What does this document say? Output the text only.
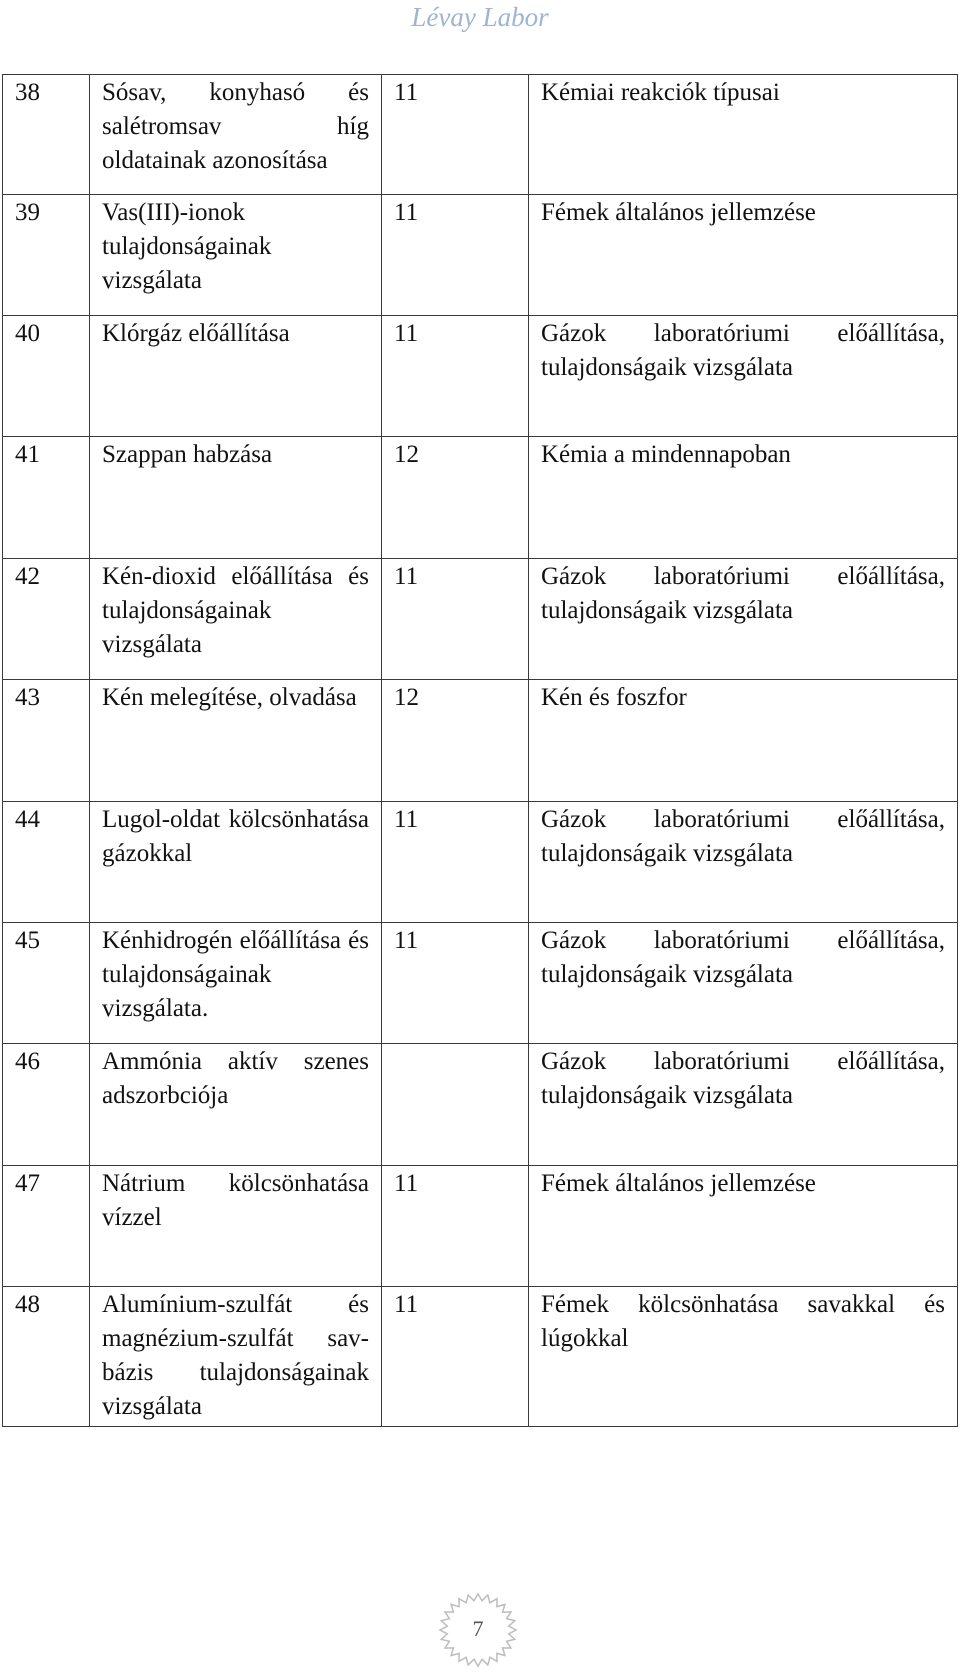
Lévay Labor
38	Sósav, konyhasó és salétromsav híg oldatainak azonosítása	11	Kémiai reakciók típusai
39	Vas(III)-ionok tulajdonságainak vizsgálata	11	Fémek általános jellemzése
40	Klórgáz előállítása	11	Gázok laboratóriumi előállítása, tulajdonságaik vizsgálata
41	Szappan habzása	12	Kémia a mindennapoban
42	Kén-dioxid előállítása és tulajdonságainak vizsgálata	11	Gázok laboratóriumi előállítása, tulajdonságaik vizsgálata
43	Kén melegítése, olvadása	12	Kén és foszfor
44	Lugol-oldat kölcsönhatása gázokkal	11	Gázok laboratóriumi előállítása, tulajdonságaik vizsgálata
45	Kénhidrogén előállítása és tulajdonságainak vizsgálata.	11	Gázok laboratóriumi előállítása, tulajdonságaik vizsgálata
46	Ammónia aktív szenes adszorbciója		Gázok laboratóriumi előállítása, tulajdonságaik vizsgálata
47	Nátrium kölcsönhatása vízzel	11	Fémek általános jellemzése
48	Alumínium-szulfát és magnézium-szulfát sav-bázis tulajdonságainak vizsgálata	11	Fémek kölcsönhatása savakkal és lúgokkal
7
